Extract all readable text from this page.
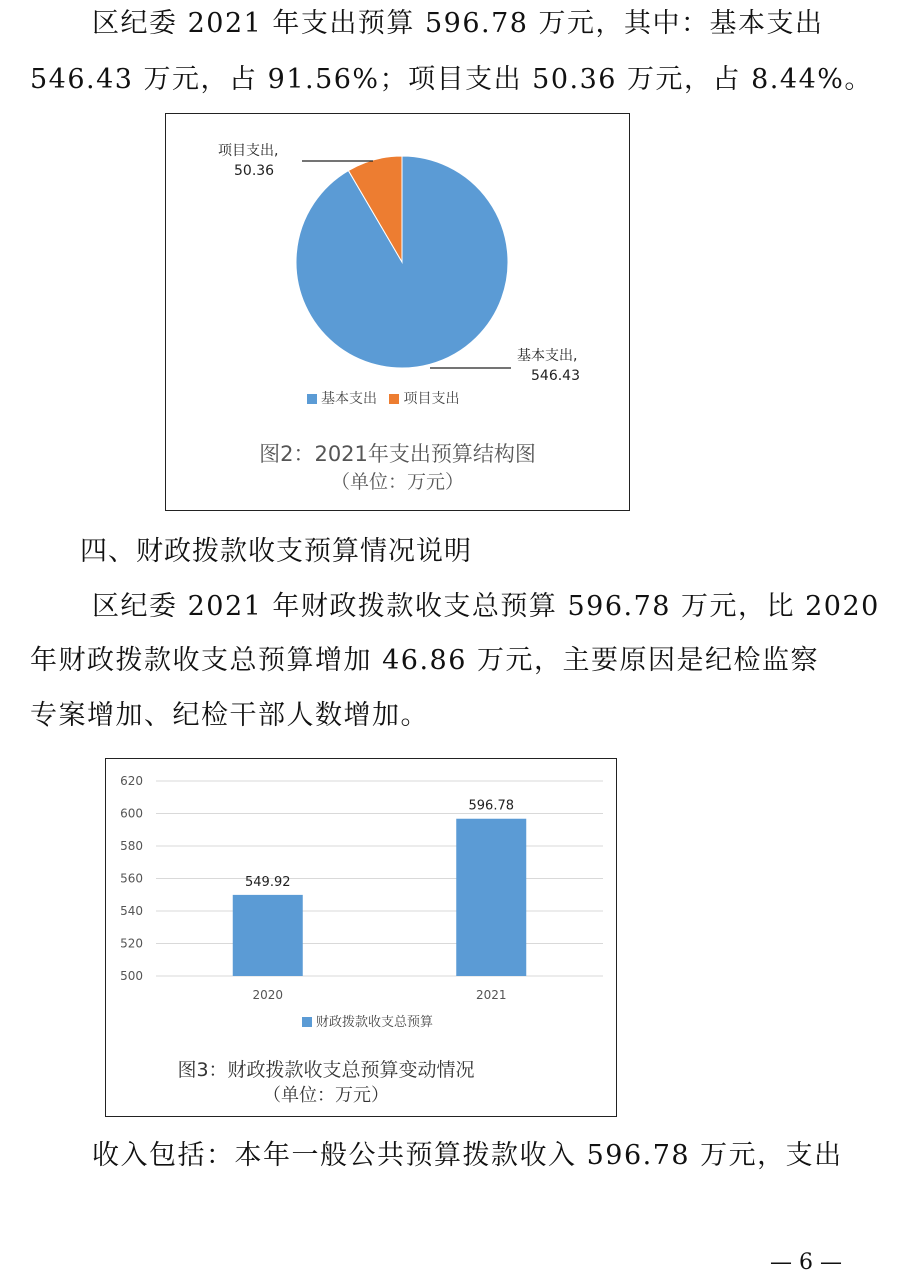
区纪委 2021 年支出预算 596.78 万元，其中：基本支出
546.43 万元，占 91.56%；项目支出 50.36 万元，占 8.44%。
项目支出,
50.36
基本支出,
546.43
基本支出 项目支出
图2：2021年支出预算结构图
（单位：万元）
四、财政拨款收支预算情况说明
区纪委 2021 年财政拨款收支总预算 596.78 万元，比 2020
年财政拨款收支总预算增加 46.86 万元，主要原因是纪检监察
专案增加、纪检干部人数增加。
620
600
580
560
540
520
500
549.92
596.78
2020	2021
财政拨款收支总预算
图3：财政拨款收支总预算变动情况
（单位：万元）
收入包括：本年一般公共预算拨款收入 596.78 万元，支出
— 6 —
